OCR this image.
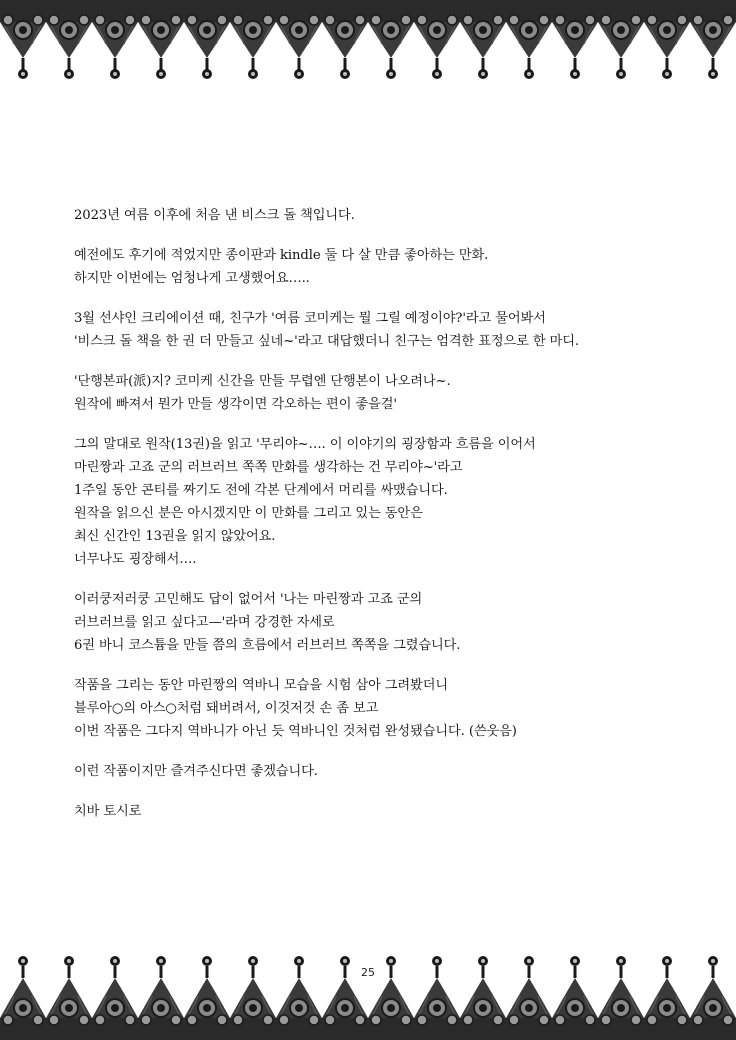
2023년 여름 이후에 처음 낸 비스크 돌 책입니다.
예전에도 후기에 적었지만 종이판과 kindle 둘 다 살 만큼 좋아하는 만화.
하지만 이번에는 엄청나게 고생했어요…..
3월 선샤인 크리에이션 때, 친구가 '여름 코미케는 뭘 그릴 예정이야?'라고 물어봐서
'비스크 돌 책을 한 권 더 만들고 싶네~'라고 대답했더니 친구는 엄격한 표정으로 한 마디.
'단행본파(派)지? 코미케 신간을 만들 무렵엔 단행본이 나오려나~.
원작에 빠져서 뭔가 만들 생각이면 각오하는 편이 좋을걸'
그의 말대로 원작(13권)을 읽고 '무리야~…. 이 이야기의 굉장함과 흐름을 이어서
마린짱과 고죠 군의 러브러브 쪽쪽 만화를 생각하는 건 무리야~'라고
1주일 동안 콘티를 짜기도 전에 각본 단계에서 머리를 싸맸습니다.
원작을 읽으신 분은 아시겠지만 이 만화를 그리고 있는 동안은
최신 신간인 13권을 읽지 않았어요.
너무나도 굉장해서….
이러쿵저러쿵 고민해도 답이 없어서 '나는 마린짱과 고죠 군의
러브러브를 읽고 싶다고—'라며 강경한 자세로
6권 바니 코스튬을 만들 쯤의 흐름에서 러브러브 쪽쪽을 그렸습니다.
작품을 그리는 동안 마린짱의 역바니 모습을 시험 삼아 그려봤더니
블루아○의 아스○처럼 돼버려서, 이것저것 손 좀 보고
이번 작품은 그다지 역바니가 아닌 듯 역바니인 것처럼 완성됐습니다. (쓴웃음)
이런 작품이지만 즐겨주신다면 좋겠습니다.
치바 토시로
25
